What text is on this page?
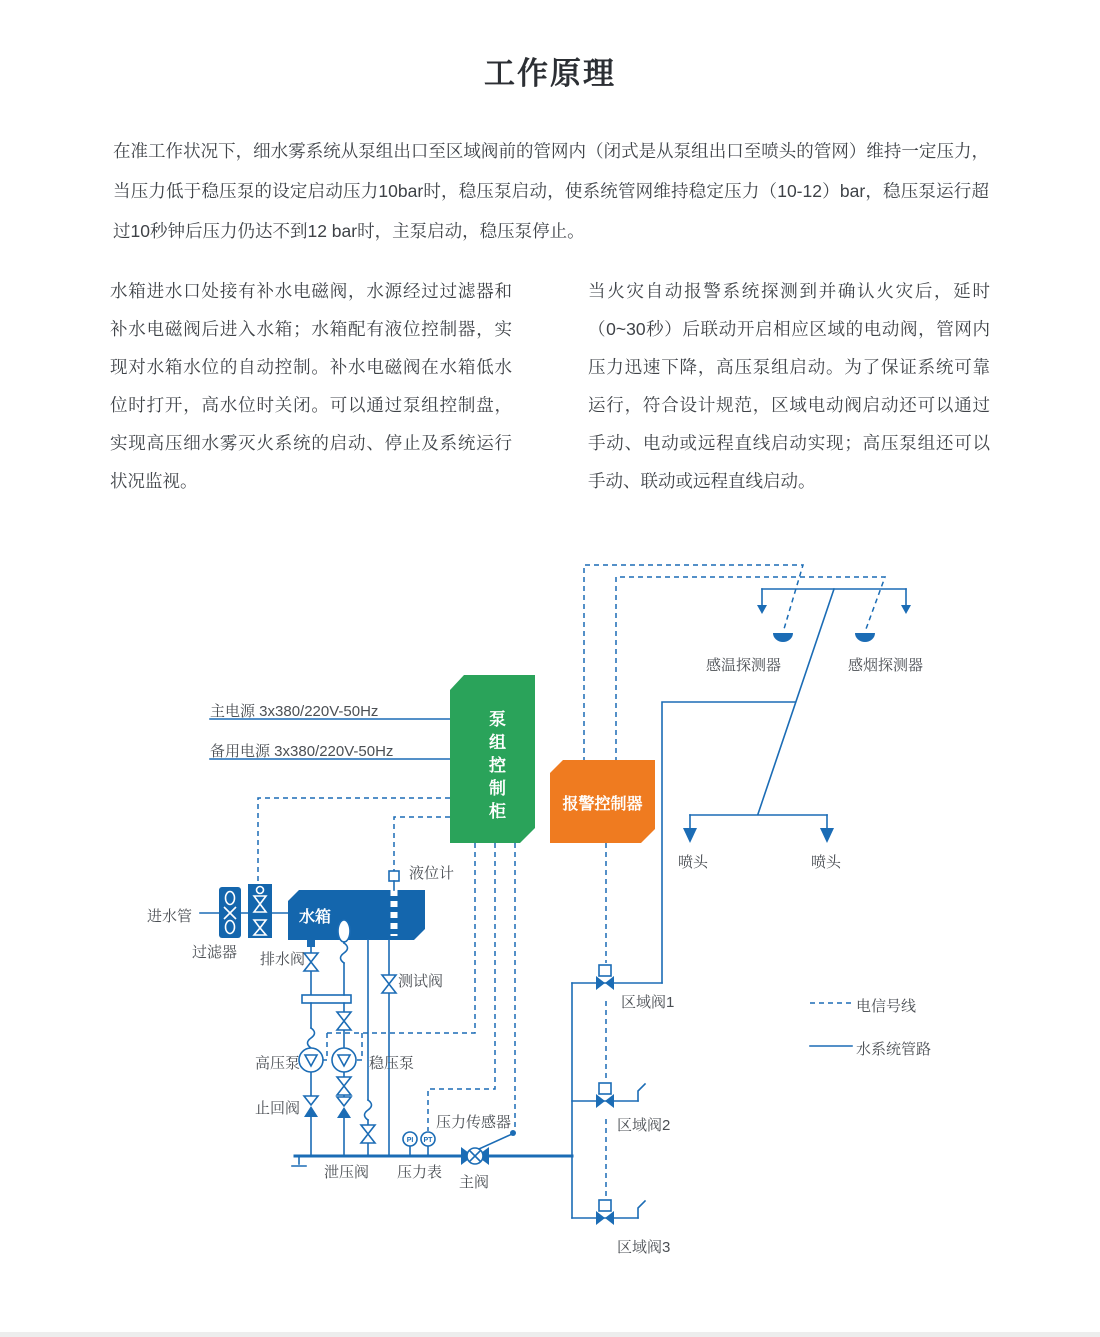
工作原理

在准工作状况下，细水雾系统从泵组出口至区域阀前的管网内（闭式是从泵组出口至喷头的管网）维持一定压力，当压力低于稳压泵的设定启动压力10bar时，稳压泵启动，使系统管网维持稳定压力（10-12）bar，稳压泵运行超过10秒钟后压力仍达不到12 bar时，主泵启动，稳压泵停止。

水箱进水口处接有补水电磁阀，水源经过过滤器和补水电磁阀后进入水箱；水箱配有液位控制器，实现对水箱水位的自动控制。补水电磁阀在水箱低水位时打开，高水位时关闭。可以通过泵组控制盘，实现高压细水雾灭火系统的启动、停止及系统运行状况监视。

当火灾自动报警系统探测到并确认火灾后，延时（0~30秒）后联动开启相应区域的电动阀，管网内压力迅速下降，高压泵组启动。为了保证系统可靠运行，符合设计规范，区域电动阀启动还可以通过手动、电动或远程直线启动实现；高压泵组还可以手动、联动或远程直线启动。

PI PT
主电源 3x380/220V-50Hz
备用电源 3x380/220V-50Hz	泵组控制柜	报警控制器
感温探测器	感烟探测器
喷头	喷头
液位计
水箱
进水管
过滤器 排水阀
测试阀
高压泵	稳压泵
止回阀
泄压阀 压力表
压力传感器
主阀
区域阀1
区域阀2
区域阀3
电信号线
水系统管路
